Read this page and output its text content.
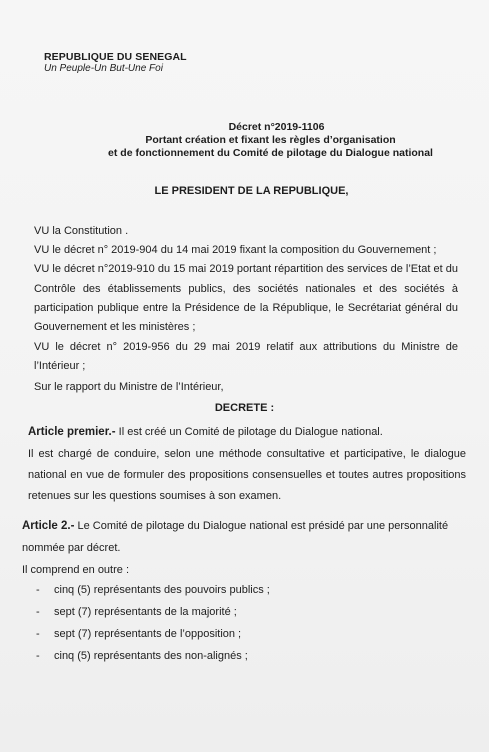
REPUBLIQUE DU SENEGAL
Un Peuple-Un But-Une Foi
Décret n°2019-1106
Portant création et fixant les règles d’organisation
et de fonctionnement du Comité de pilotage du Dialogue national
LE PRESIDENT DE LA REPUBLIQUE,
VU la Constitution .
VU le décret n° 2019-904 du 14 mai 2019 fixant la composition du Gouvernement ;
VU le décret n°2019-910 du 15 mai 2019 portant répartition des services de l’Etat et du
Contrôle des établissements publics, des sociétés nationales et des sociétés à
participation publique entre la Présidence de la République, le Secrétariat général du
Gouvernement et les ministères ;
VU le décret n° 2019-956 du 29 mai 2019 relatif aux attributions du Ministre de
l’Intérieur ;
Sur le rapport du Ministre de l’Intérieur,
DECRETE :
Article premier.- Il est créé un Comité de pilotage du Dialogue national.
Il est chargé de conduire, selon une méthode consultative et participative, le dialogue
national en vue de formuler des propositions consensuelles et toutes autres propositions
retenues sur les questions soumises à son examen.
Article 2.- Le Comité de pilotage du Dialogue national est présidé par une personnalité
nommée par décret.
Il comprend en outre :
- cinq (5) représentants des pouvoirs publics ;
- sept (7) représentants de la majorité ;
- sept (7) représentants de l’opposition ;
- cinq (5) représentants des non-alignés ;
